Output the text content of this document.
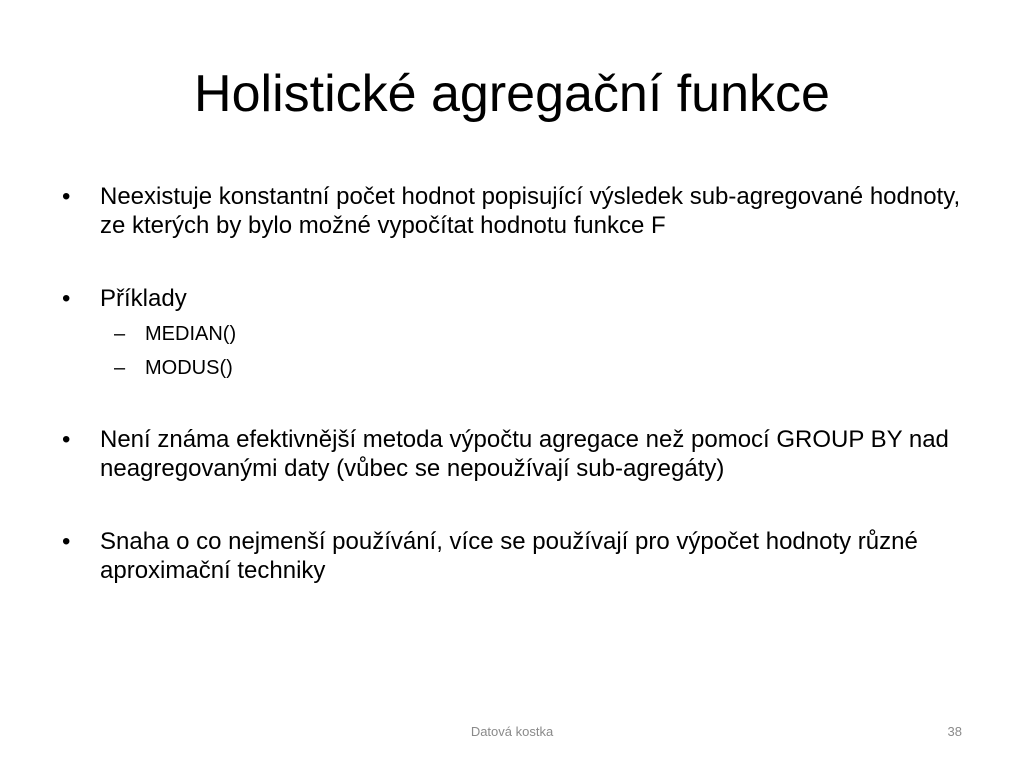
Holistické agregační funkce
•	Neexistuje konstantní počet hodnot popisující výsledek sub-agregované hodnoty, ze kterých by bylo možné vypočítat hodnotu funkce F
•	Příklady
– MEDIAN()
– MODUS()
•	Není známa efektivnější metoda výpočtu agregace než pomocí GROUP BY nad neagregovanými daty (vůbec se nepoužívají sub-agregáty)
•	Snaha o co nejmenší používání, více se používají pro výpočet hodnoty různé aproximační techniky
Datová kostka	38
